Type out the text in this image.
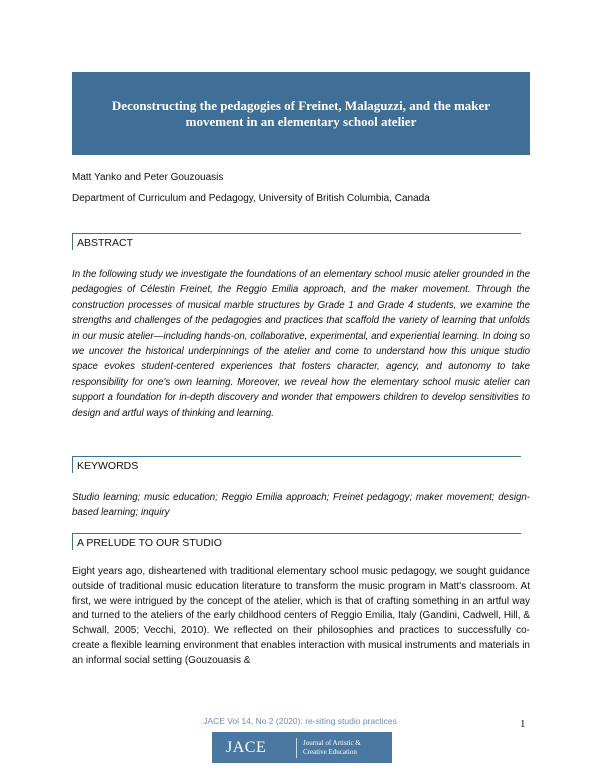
Deconstructing the pedagogies of Freinet, Malaguzzi, and the maker movement in an elementary school atelier
Matt Yanko and Peter Gouzouasis
Department of Curriculum and Pedagogy, University of British Columbia, Canada
ABSTRACT
In the following study we investigate the foundations of an elementary school music atelier grounded in the pedagogies of Célestin Freinet, the Reggio Emilia approach, and the maker movement. Through the construction processes of musical marble structures by Grade 1 and Grade 4 students, we examine the strengths and challenges of the pedagogies and practices that scaffold the variety of learning that unfolds in our music atelier—including hands-on, collaborative, experimental, and experiential learning. In doing so we uncover the historical underpinnings of the atelier and come to understand how this unique studio space evokes student-centered experiences that fosters character, agency, and autonomy to take responsibility for one's own learning. Moreover, we reveal how the elementary school music atelier can support a foundation for in-depth discovery and wonder that empowers children to develop sensitivities to design and artful ways of thinking and learning.
KEYWORDS
Studio learning; music education; Reggio Emilia approach; Freinet pedagogy; maker movement; design-based learning; inquiry
A PRELUDE TO OUR STUDIO
Eight years ago, disheartened with traditional elementary school music pedagogy, we sought guidance outside of traditional music education literature to transform the music program in Matt's classroom. At first, we were intrigued by the concept of the atelier, which is that of crafting something in an artful way and turned to the ateliers of the early childhood centers of Reggio Emilia, Italy (Gandini, Cadwell, Hill, & Schwall, 2005; Vecchi, 2010). We reflected on their philosophies and practices to successfully co-create a flexible learning environment that enables interaction with musical instruments and materials in an informal social setting (Gouzouasis &
JACE Vol 14, No 2 (2020): re-siting studio practices	1
JACE	Journal of Artistic &
Creative Education
